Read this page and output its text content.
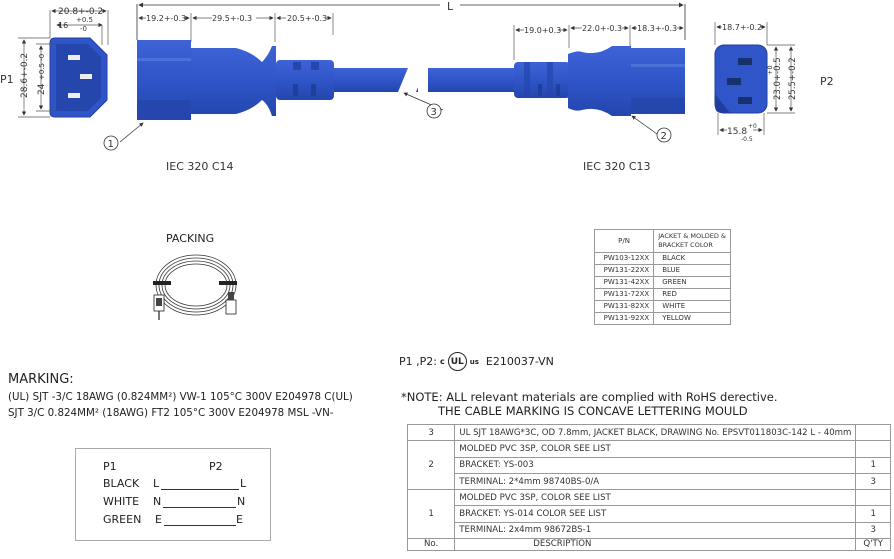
20.8+-0.2
16
+0.5
-0
28.6+-0.2 24
+0.5 -0
P1
L
19.2+-0.3	29.5+-0.3	20.5+-0.3
19.0+0.3	22.0+-0.3 18.3+-0.3
1
3
2
18.7+-0.2
23.0+-0.5
+0 25.5+-0.2
15.8
+0
-0.5
P2
IEC 320 C14	IEC 320 C13
PACKING	P/N	JACKET & MOLDED &
BRACKET COLOR
PW103-12XX	BLACK
PW131-22XX	BLUE
PW131-42XX	GREEN
PW131-72XX	RED
PW131-82XX	WHITE
PW131-92XX	YELLOW
P1 ,P2: c UL us E210037-VN
MARKING:
(UL) SJT -3/C 18AWG (0.824MM²) VW-1 105°C 300V E204978 C(UL)
SJT 3/C 0.824MM² (18AWG) FT2 105°C 300V E204978 MSL -VN-
*NOTE: ALL relevant materials are complied with RoHS derective.
THE CABLE MARKING IS CONCAVE LETTERING MOULD
P1	P2
BLACK L	L
WHITE N	N
GREEN E	E
3	UL SJT 18AWG*3C, OD 7.8mm, JACKET BLACK, DRAWING No. EPSVT011803C-142 L - 40mm	
2	MOLDED PVC 3SP, COLOR SEE LIST	
	BRACKET: YS-003	1
	TERMINAL: 2*4mm 98740BS-0/A	3
1	MOLDED PVC 3SP, COLOR SEE LIST	
	BRACKET: YS-014 COLOR SEE LIST	1
	TERMINAL: 2x4mm 98672BS-1	3
No.	DESCRIPTION	Q'TY
